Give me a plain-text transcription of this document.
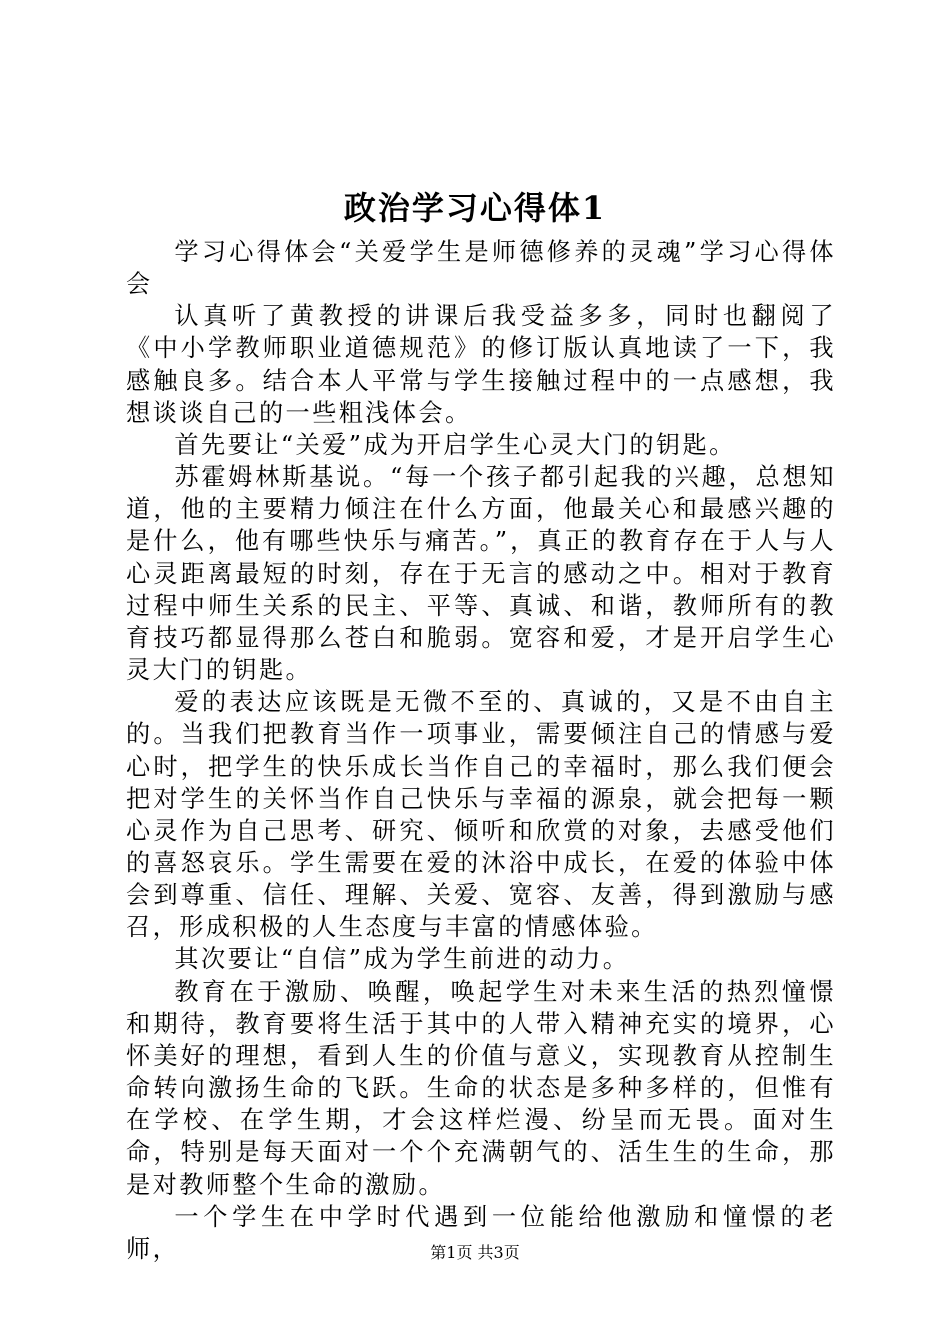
政治学习心得体1

学习心得体会“关爱学生是师德修养的灵魂”学习心得体会

认真听了黄教授的讲课后我受益多多，同时也翻阅了《中小学教师职业道德规范》的修订版认真地读了一下，我感触良多。结合本人平常与学生接触过程中的一点感想，我想谈谈自己的一些粗浅体会。

首先要让“关爱”成为开启学生心灵大门的钥匙。

苏霍姆林斯基说。“每一个孩子都引起我的兴趣，总想知道，他的主要精力倾注在什么方面，他最关心和最感兴趣的是什么，他有哪些快乐与痛苦。”，真正的教育存在于人与人心灵距离最短的时刻，存在于无言的感动之中。相对于教育过程中师生关系的民主、平等、真诚、和谐，教师所有的教育技巧都显得那么苍白和脆弱。宽容和爱，才是开启学生心灵大门的钥匙。

爱的表达应该既是无微不至的、真诚的，又是不由自主的。当我们把教育当作一项事业，需要倾注自己的情感与爱心时，把学生的快乐成长当作自己的幸福时，那么我们便会把对学生的关怀当作自己快乐与幸福的源泉，就会把每一颗心灵作为自己思考、研究、倾听和欣赏的对象，去感受他们的喜怒哀乐。学生需要在爱的沐浴中成长，在爱的体验中体会到尊重、信任、理解、关爱、宽容、友善，得到激励与感召，形成积极的人生态度与丰富的情感体验。

其次要让“自信”成为学生前进的动力。

教育在于激励、唤醒，唤起学生对未来生活的热烈憧憬和期待，教育要将生活于其中的人带入精神充实的境界，心怀美好的理想，看到人生的价值与意义，实现教育从控制生命转向激扬生命的飞跃。生命的状态是多种多样的，但惟有在学校、在学生期，才会这样烂漫、纷呈而无畏。面对生命，特别是每天面对一个个充满朝气的、活生生的生命，那是对教师整个生命的激励。

一个学生在中学时代遇到一位能给他激励和憧憬的老师，	第1页 共3页
